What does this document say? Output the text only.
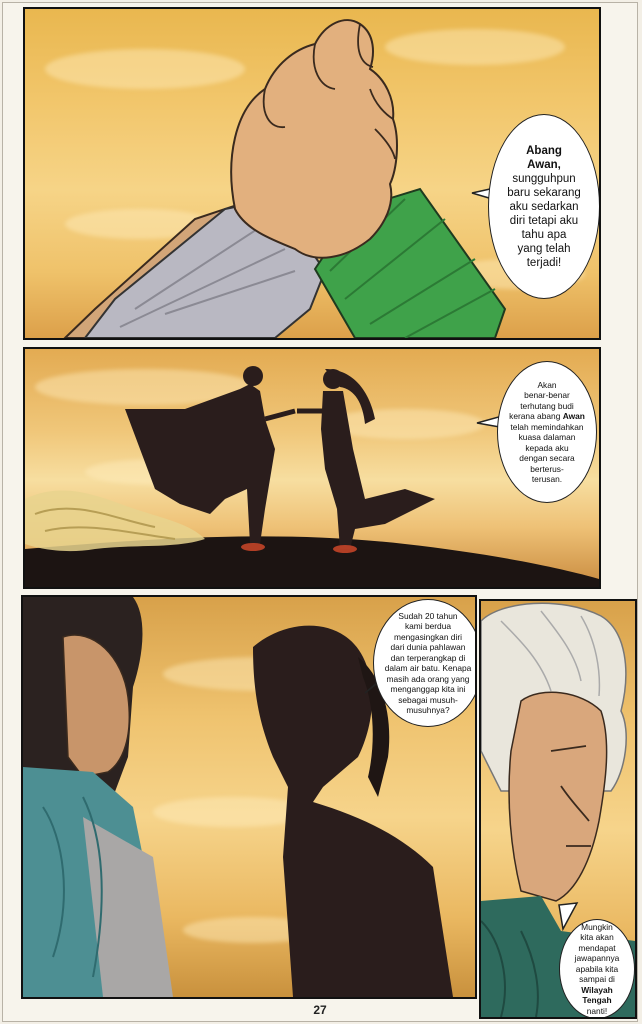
Abang
Awan,
sungguhpun
baru sekarang
aku sedarkan
diri tetapi aku
tahu apa
yang telah
terjadi!
Akan
benar-benar
terhutang budi
kerana abang Awan
telah memindahkan
kuasa dalaman
kepada aku
dengan secara
berterus-
terusan.
Sudah 20 tahun
kami berdua
mengasingkan diri
dari dunia pahlawan
dan terperangkap di
dalam air batu. Kenapa
masih ada orang yang
menganggap kita ini
sebagai musuh-
musuhnya?
Mungkin
kita akan
mendapat
jawapannya
apabila kita
sampai di
Wilayah
Tengah
nanti!
27
